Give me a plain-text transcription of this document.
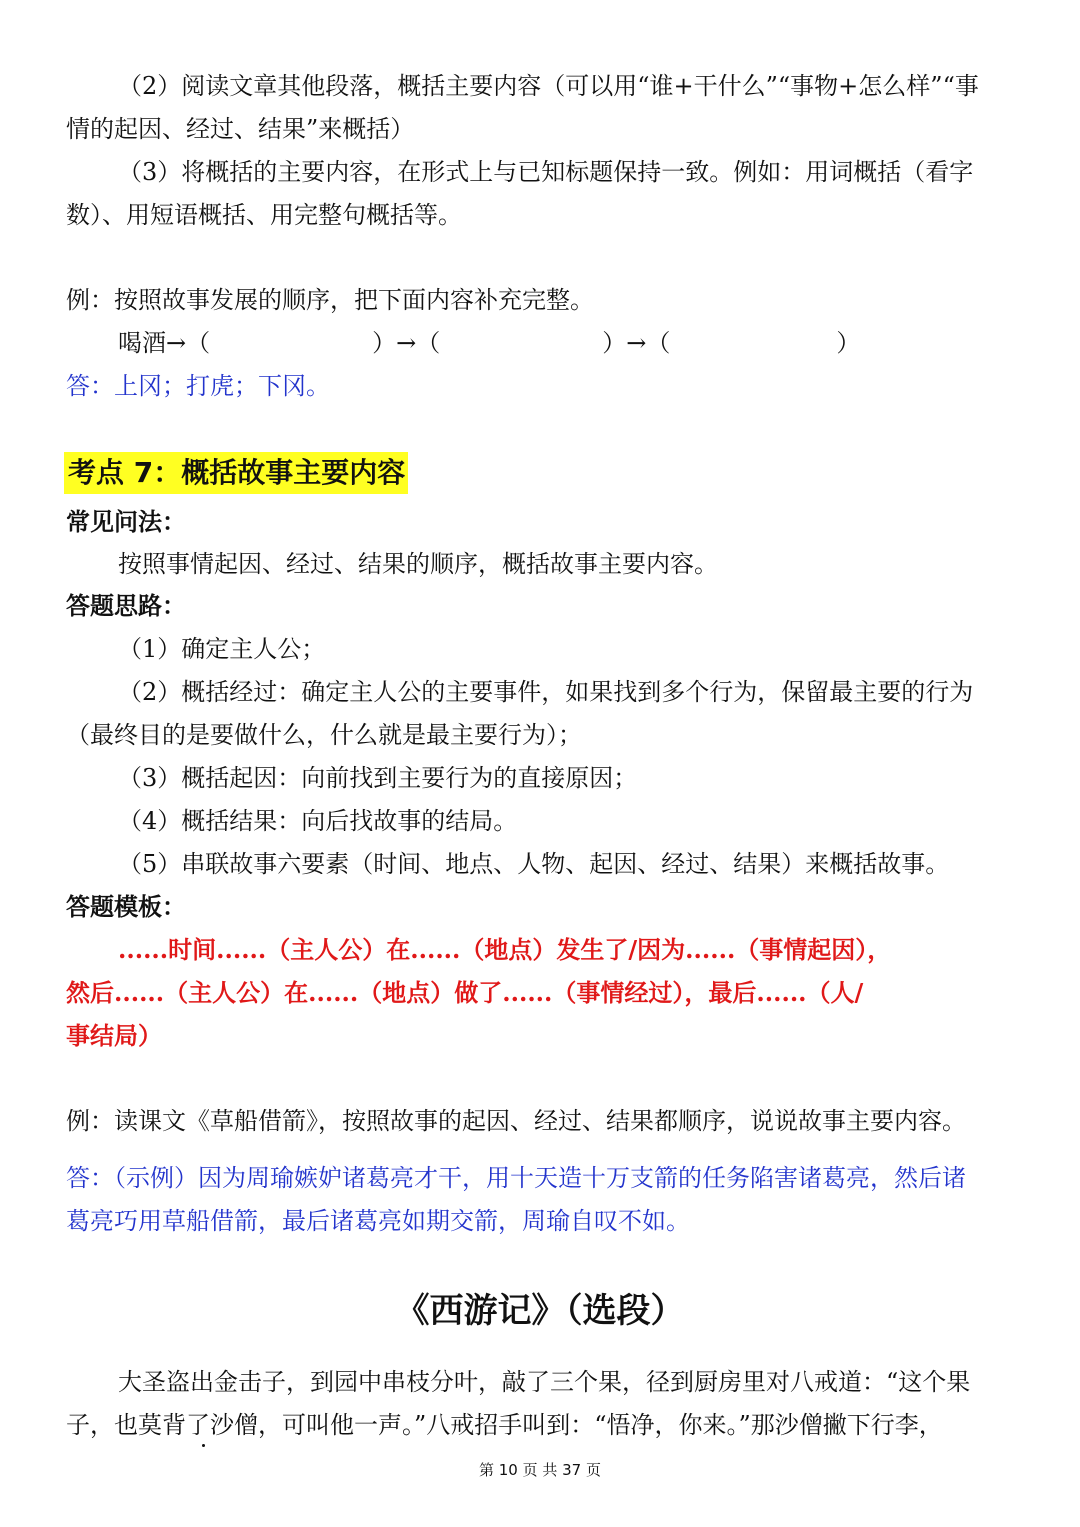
（2）阅读文章其他段落，概括主要内容（可以用“谁+干什么”“事物+怎么样”“事
情的起因、经过、结果”来概括）
（3）将概括的主要内容，在形式上与已知标题保持一致。例如：用词概括（看字
数）、用短语概括、用完整句概括等。
例：按照故事发展的顺序，把下面内容补充完整。
喝酒→（	）→（	）→（	）
答：上冈；打虎；下冈。
考点 7：概括故事主要内容
常见问法：
按照事情起因、经过、结果的顺序，概括故事主要内容。
答题思路：
（1）确定主人公；
（2）概括经过：确定主人公的主要事件，如果找到多个行为，保留最主要的行为
（最终目的是要做什么，什么就是最主要行为）；
（3）概括起因：向前找到主要行为的直接原因；
（4）概括结果：向后找故事的结局。
（5）串联故事六要素（时间、地点、人物、起因、经过、结果）来概括故事。
答题模板：
......时间......（主人公）在......（地点）发生了/因为......（事情起因），
然后......（主人公）在......（地点）做了......（事情经过），最后......（人/
事结局）
例：读课文《草船借箭》，按照故事的起因、经过、结果都顺序，说说故事主要内容。
答：（示例）因为周瑜嫉妒诸葛亮才干，用十天造十万支箭的任务陷害诸葛亮，然后诸
葛亮巧用草船借箭，最后诸葛亮如期交箭，周瑜自叹不如。
《西游记》（选段）
大圣盗出金击子，到园中串枝分叶，敲了三个果，径到厨房里对八戒道：“这个果
子，也莫背了沙僧，可叫他一声。”八戒招手叫到：“悟净，你来。”那沙僧撇下行李，
第 10 页 共 37 页
